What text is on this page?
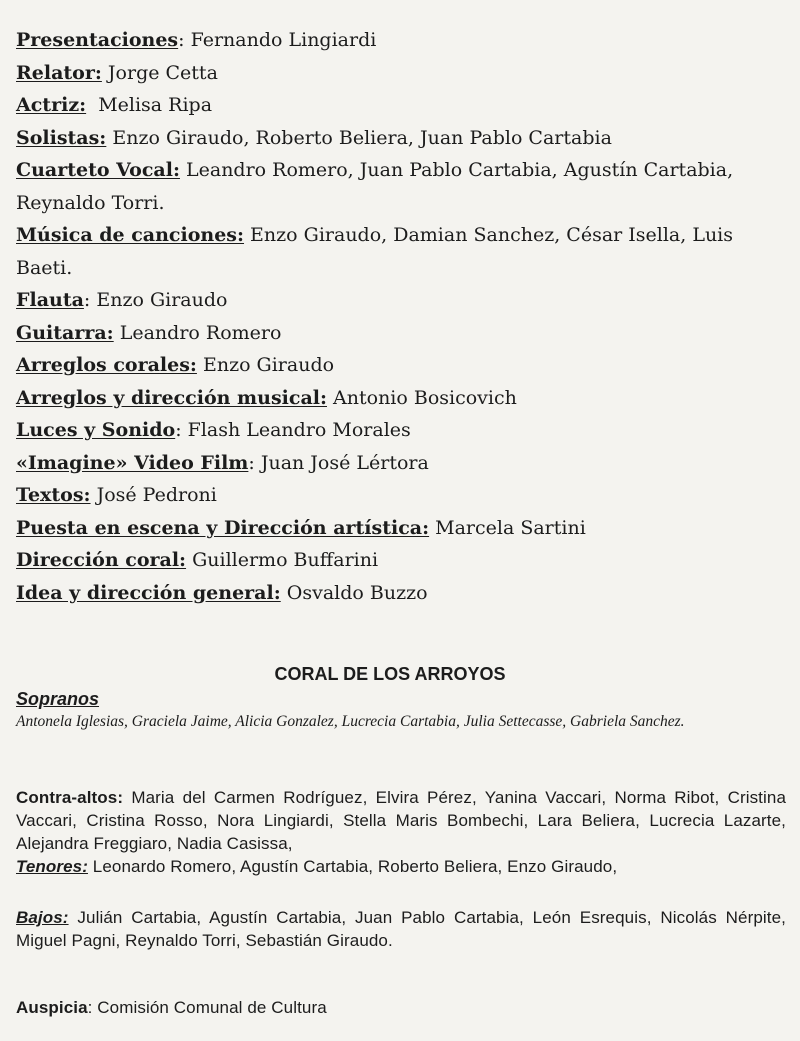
Presentaciones: Fernando Lingiardi

Relator: Jorge Cetta

Actriz:  Melisa Ripa

Solistas: Enzo Giraudo, Roberto Beliera, Juan Pablo Cartabia

Cuarteto Vocal: Leandro Romero, Juan Pablo Cartabia, Agustín Cartabia, Reynaldo Torri.

Música de canciones: Enzo Giraudo, Damian Sanchez, César Isella, Luis Baeti.

Flauta: Enzo Giraudo

Guitarra: Leandro Romero

Arreglos corales: Enzo Giraudo

Arreglos y dirección musical: Antonio Bosicovich

Luces y Sonido: Flash Leandro Morales

«Imagine» Video Film: Juan José Lértora

Textos: José Pedroni

Puesta en escena y Dirección artística: Marcela Sartini

Dirección coral: Guillermo Buffarini

Idea y dirección general: Osvaldo Buzzo

CORAL DE LOS ARROYOS

Sopranos
Antonela Iglesias, Graciela Jaime, Alicia Gonzalez, Lucrecia Cartabia, Julia Settecasse, Gabriela Sanchez.
Contra-altos: Maria del Carmen Rodríguez, Elvira Pérez, Yanina Vaccari, Norma Ribot, Cristina Vaccari, Cristina Rosso, Nora Lingiardi, Stella Maris Bombechi, Lara Beliera, Lucrecia Lazarte, Alejandra Freggiaro, Nadia Casissa,
Tenores: Leonardo Romero, Agustín Cartabia, Roberto Beliera, Enzo Giraudo,
Bajos: Julián Cartabia, Agustín Cartabia, Juan Pablo Cartabia, León Esrequis, Nicolás Nérpite, Miguel Pagni, Reynaldo Torri, Sebastián Giraudo.
Auspicia: Comisión Comunal de Cultura
